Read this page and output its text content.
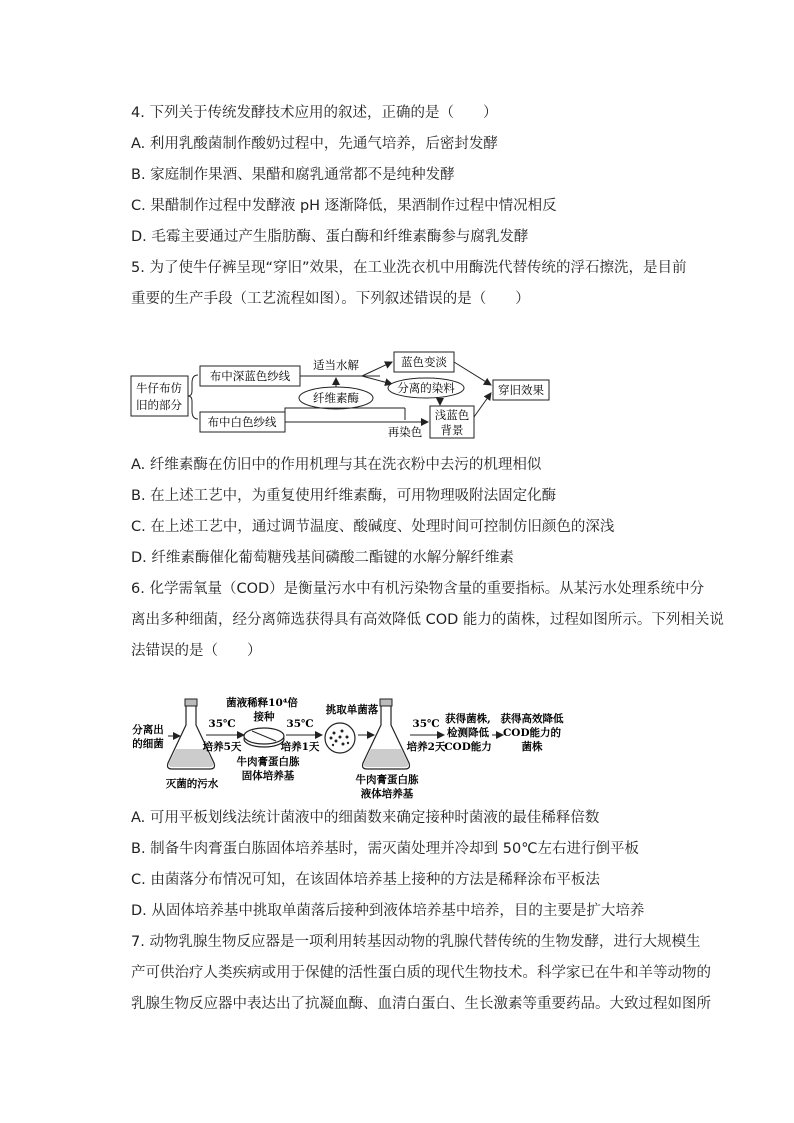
4. 下列关于传统发酵技术应用的叙述，正确的是（　　）
A. 利用乳酸菌制作酸奶过程中，先通气培养，后密封发酵
B. 家庭制作果酒、果醋和腐乳通常都不是纯种发酵
C. 果醋制作过程中发酵液 pH 逐渐降低，果酒制作过程中情况相反
D. 毛霉主要通过产生脂肪酶、蛋白酶和纤维素酶参与腐乳发酵
5. 为了使牛仔裤呈现“穿旧”效果，在工业洗衣机中用酶洗代替传统的浮石擦洗，是目前
重要的生产手段（工艺流程如图）。下列叙述错误的是（　　）
牛仔布仿
旧的部分
布中深蓝色纱线
布中白色纱线
适当水解
纤维素酶
蓝色变淡
分离的染料
再染色
浅蓝色
背景
穿旧效果
A. 纤维素酶在仿旧中的作用机理与其在洗衣粉中去污的机理相似
B. 在上述工艺中，为重复使用纤维素酶，可用物理吸附法固定化酶
C. 在上述工艺中，通过调节温度、酸碱度、处理时间可控制仿旧颜色的深浅
D. 纤维素酶催化葡萄糖残基间磷酸二酯键的水解分解纤维素
6. 化学需氧量（COD）是衡量污水中有机污染物含量的重要指标。从某污水处理系统中分
离出多种细菌，经分离筛选获得具有高效降低 COD 能力的菌株，过程如图所示。下列相关说
法错误的是（　　）
分离出
的细菌
灭菌的污水
35℃
培养5天
菌液稀释10⁴倍
接种
牛肉膏蛋白胨
固体培养基
35℃
培养1天
挑取单菌落
牛肉膏蛋白胨
液体培养基
35℃
培养2天
获得菌株,
检测降低
COD能力
获得高效降低
COD能力的
菌株
A. 可用平板划线法统计菌液中的细菌数来确定接种时菌液的最佳稀释倍数
B. 制备牛肉膏蛋白胨固体培养基时，需灭菌处理并冷却到 50℃左右进行倒平板
C. 由菌落分布情况可知，在该固体培养基上接种的方法是稀释涂布平板法
D. 从固体培养基中挑取单菌落后接种到液体培养基中培养，目的主要是扩大培养
7. 动物乳腺生物反应器是一项利用转基因动物的乳腺代替传统的生物发酵，进行大规模生
产可供治疗人类疾病或用于保健的活性蛋白质的现代生物技术。科学家已在牛和羊等动物的
乳腺生物反应器中表达出了抗凝血酶、血清白蛋白、生长激素等重要药品。大致过程如图所
